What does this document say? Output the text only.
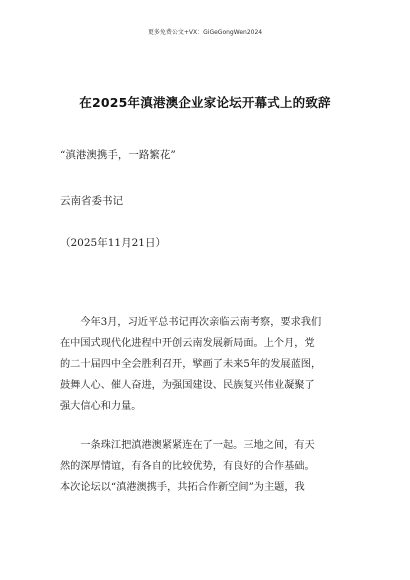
更多免费公文+VX：GiGeGongWen2024
在2025年滇港澳企业家论坛开幕式上的致辞
“滇港澳携手，一路繁花”
云南省委书记
（2025年11月21日）
　　今年3月，习近平总书记再次亲临云南考察，要求我们
在中国式现代化进程中开创云南发展新局面。上个月，党
的二十届四中全会胜利召开，擘画了未来5年的发展蓝图，
鼓舞人心、催人奋进，为强国建设、民族复兴伟业凝聚了
强大信心和力量。
　　一条珠江把滇港澳紧紧连在了一起。三地之间，有天
然的深厚情谊，有各自的比较优势，有良好的合作基础。
本次论坛以“滇港澳携手，共拓合作新空间”为主题，我
